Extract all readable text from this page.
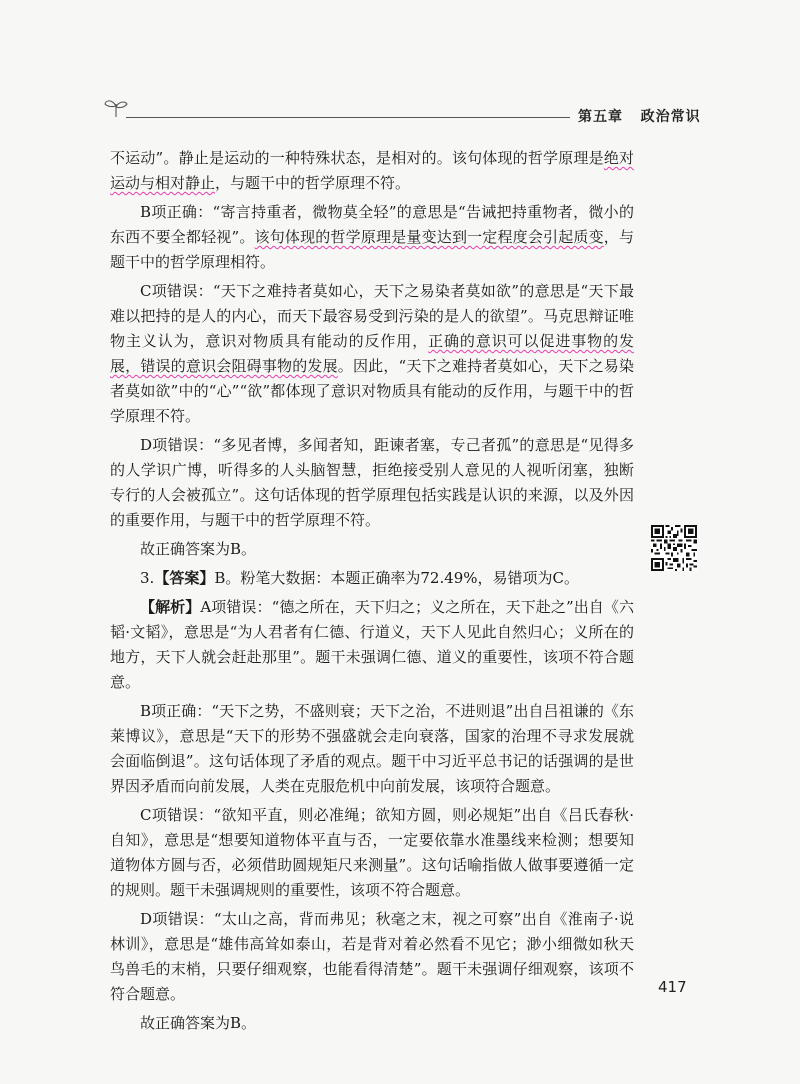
第五章 政治常识

不运动”。静止是运动的一种特殊状态，是相对的。该句体现的哲学原理是绝对运动与相对静止，与题干中的哲学原理不符。

B项正确：“寄言持重者，微物莫全轻”的意思是“告诫把持重物者，微小的东西不要全都轻视”。该句体现的哲学原理是量变达到一定程度会引起质变，与题干中的哲学原理相符。

C项错误：“天下之难持者莫如心，天下之易染者莫如欲”的意思是“天下最难以把持的是人的内心，而天下最容易受到污染的是人的欲望”。马克思辩证唯物主义认为，意识对物质具有能动的反作用，正确的意识可以促进事物的发展，错误的意识会阻碍事物的发展。因此，“天下之难持者莫如心，天下之易染者莫如欲”中的“心”“欲”都体现了意识对物质具有能动的反作用，与题干中的哲学原理不符。

D项错误：“多见者博，多闻者知，距谏者塞，专己者孤”的意思是“见得多的人学识广博，听得多的人头脑智慧，拒绝接受别人意见的人视听闭塞，独断专行的人会被孤立”。这句话体现的哲学原理包括实践是认识的来源，以及外因的重要作用，与题干中的哲学原理不符。

故正确答案为B。

3.【答案】B。粉笔大数据：本题正确率为72.49%，易错项为C。

【解析】A项错误：“德之所在，天下归之；义之所在，天下赴之”出自《六韬·文韬》，意思是“为人君者有仁德、行道义，天下人见此自然归心；义所在的地方，天下人就会赶赴那里”。题干未强调仁德、道义的重要性，该项不符合题意。

B项正确：“天下之势，不盛则衰；天下之治，不进则退”出自吕祖谦的《东莱博议》，意思是“天下的形势不强盛就会走向衰落，国家的治理不寻求发展就会面临倒退”。这句话体现了矛盾的观点。题干中习近平总书记的话强调的是世界因矛盾而向前发展，人类在克服危机中向前发展，该项符合题意。

C项错误：“欲知平直，则必准绳；欲知方圆，则必规矩”出自《吕氏春秋·自知》，意思是“想要知道物体平直与否，一定要依靠水准墨线来检测；想要知道物体方圆与否，必须借助圆规矩尺来测量”。这句话喻指做人做事要遵循一定的规则。题干未强调规则的重要性，该项不符合题意。

D项错误：“太山之高，背而弗见；秋毫之末，视之可察”出自《淮南子·说林训》，意思是“雄伟高耸如泰山，若是背对着必然看不见它；渺小细微如秋天鸟兽毛的末梢，只要仔细观察，也能看得清楚”。题干未强调仔细观察，该项不符合题意。

故正确答案为B。

417
